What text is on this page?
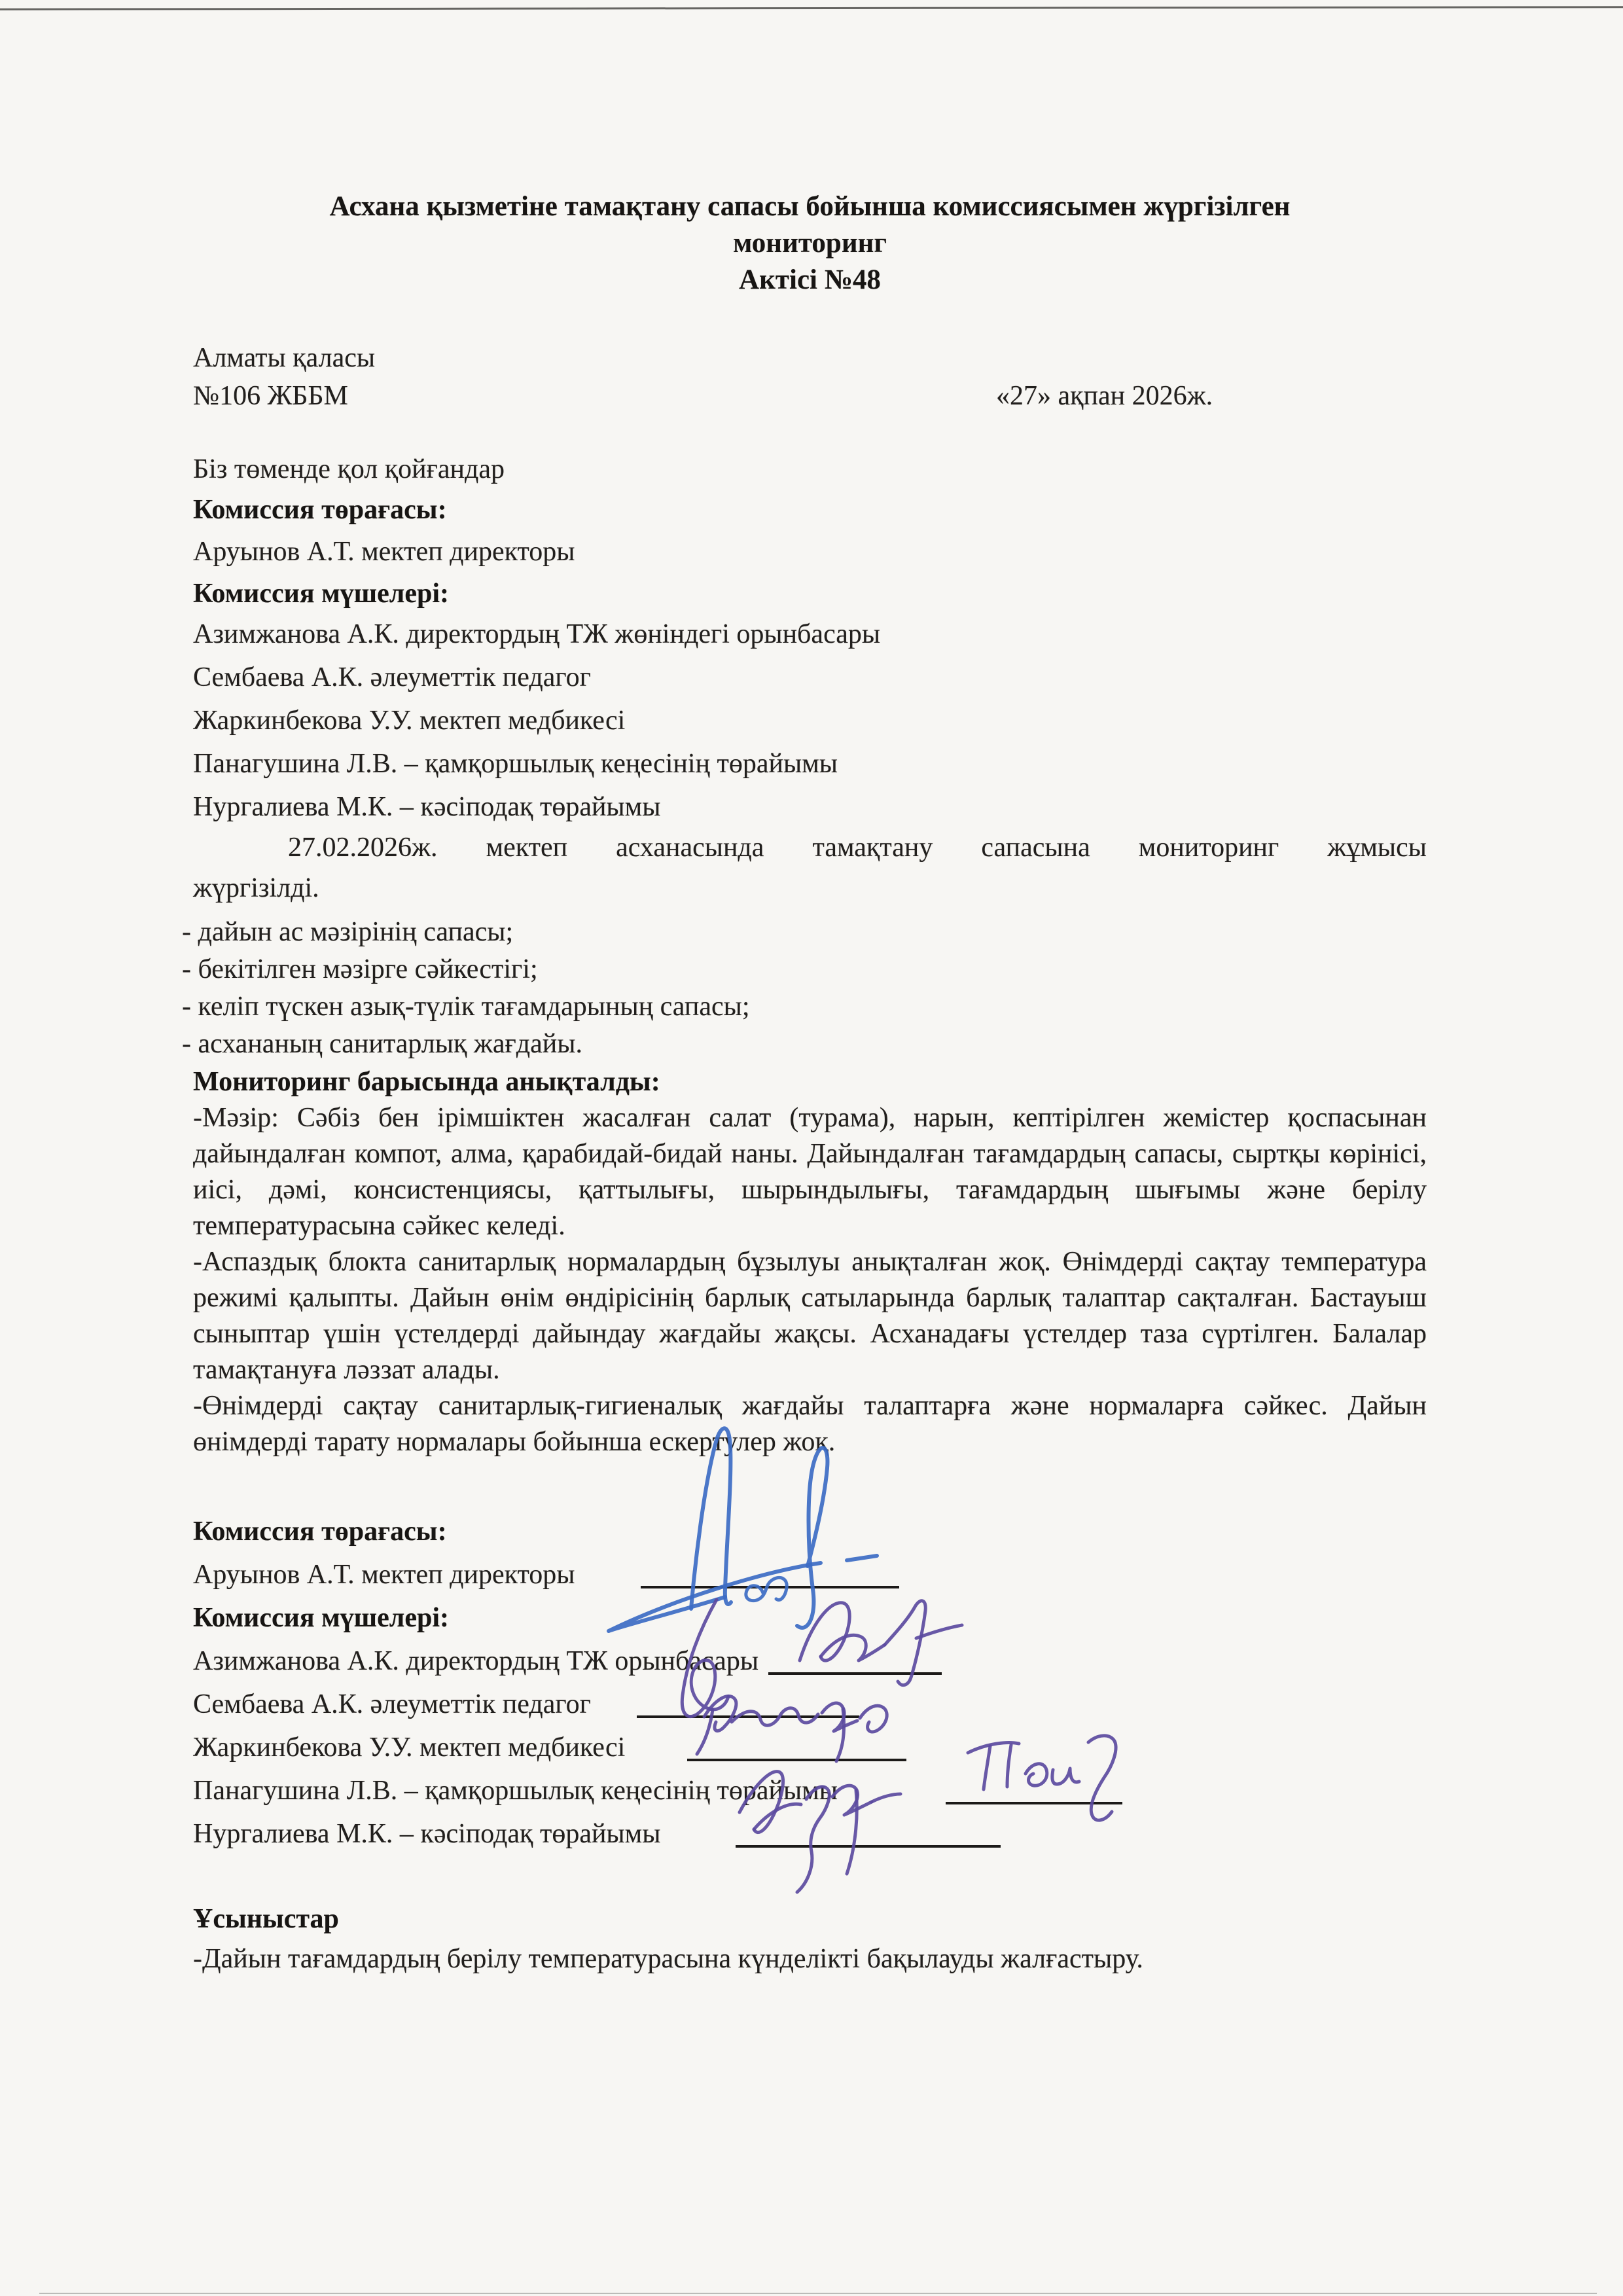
Асхана қызметіне тамақтану сапасы бойынша комиссиясымен жүргізілген
мониторинг
Актісі №48
Алматы қаласы
№106 ЖББМ	«27» ақпан 2026ж.
Біз төменде қол қойғандар
Комиссия төрағасы:
Аруынов А.Т. мектеп директоры
Комиссия мүшелері:
Азимжанова А.К. директордың ТЖ жөніндегі орынбасары
Сембаева А.К. әлеуметтік педагог
Жаркинбекова У.У. мектеп медбикесі
Панагушина Л.В. – қамқоршылық кеңесінің төрайымы
Нургалиева М.К. – кәсіподақ төрайымы
27.02.2026ж. мектеп асханасында тамақтану сапасына мониторинг жұмысы
жүргізілді.
- дайын ас мәзірінің сапасы;
- бекітілген мәзірге сәйкестігі;
- келіп түскен азық-түлік тағамдарының сапасы;
- асхананың санитарлық жағдайы.
Мониторинг барысында анықталды:

-Мәзір: Сәбіз бен ірімшіктен жасалған салат (турама), нарын, кептірілген жемістер қоспасынан дайындалған компот, алма, қарабидай-бидай наны. Дайындалған тағамдардың сапасы, сыртқы көрінісі, иісі, дәмі, консистенциясы, қаттылығы, шырындылығы, тағамдардың шығымы және берілу температурасына сәйкес келеді.

-Аспаздық блокта санитарлық нормалардың бұзылуы анықталған жоқ. Өнімдерді сақтау температура режимі қалыпты. Дайын өнім өндірісінің барлық сатыларында барлық талаптар сақталған. Бастауыш сыныптар үшін үстелдерді дайындау жағдайы жақсы. Асханадағы үстелдер таза сүртілген. Балалар тамақтануға ләззат алады.

-Өнімдерді сақтау санитарлық-гигиеналық жағдайы талаптарға және нормаларға сәйкес. Дайын өнімдерді тарату нормалары бойынша ескертулер жоқ.

Комиссия төрағасы:
Аруынов А.Т. мектеп директоры
Комиссия мүшелері:
Азимжанова А.К. директордың ТЖ орынбасары
Сембаева А.К. әлеуметтік педагог
Жаркинбекова У.У. мектеп медбикесі
Панагушина Л.В. – қамқоршылық кеңесінің төрайымы
Нургалиева М.К. – кәсіподақ төрайымы
Ұсыныстар
-Дайын тағамдардың берілу температурасына күнделікті бақылауды жалғастыру.
